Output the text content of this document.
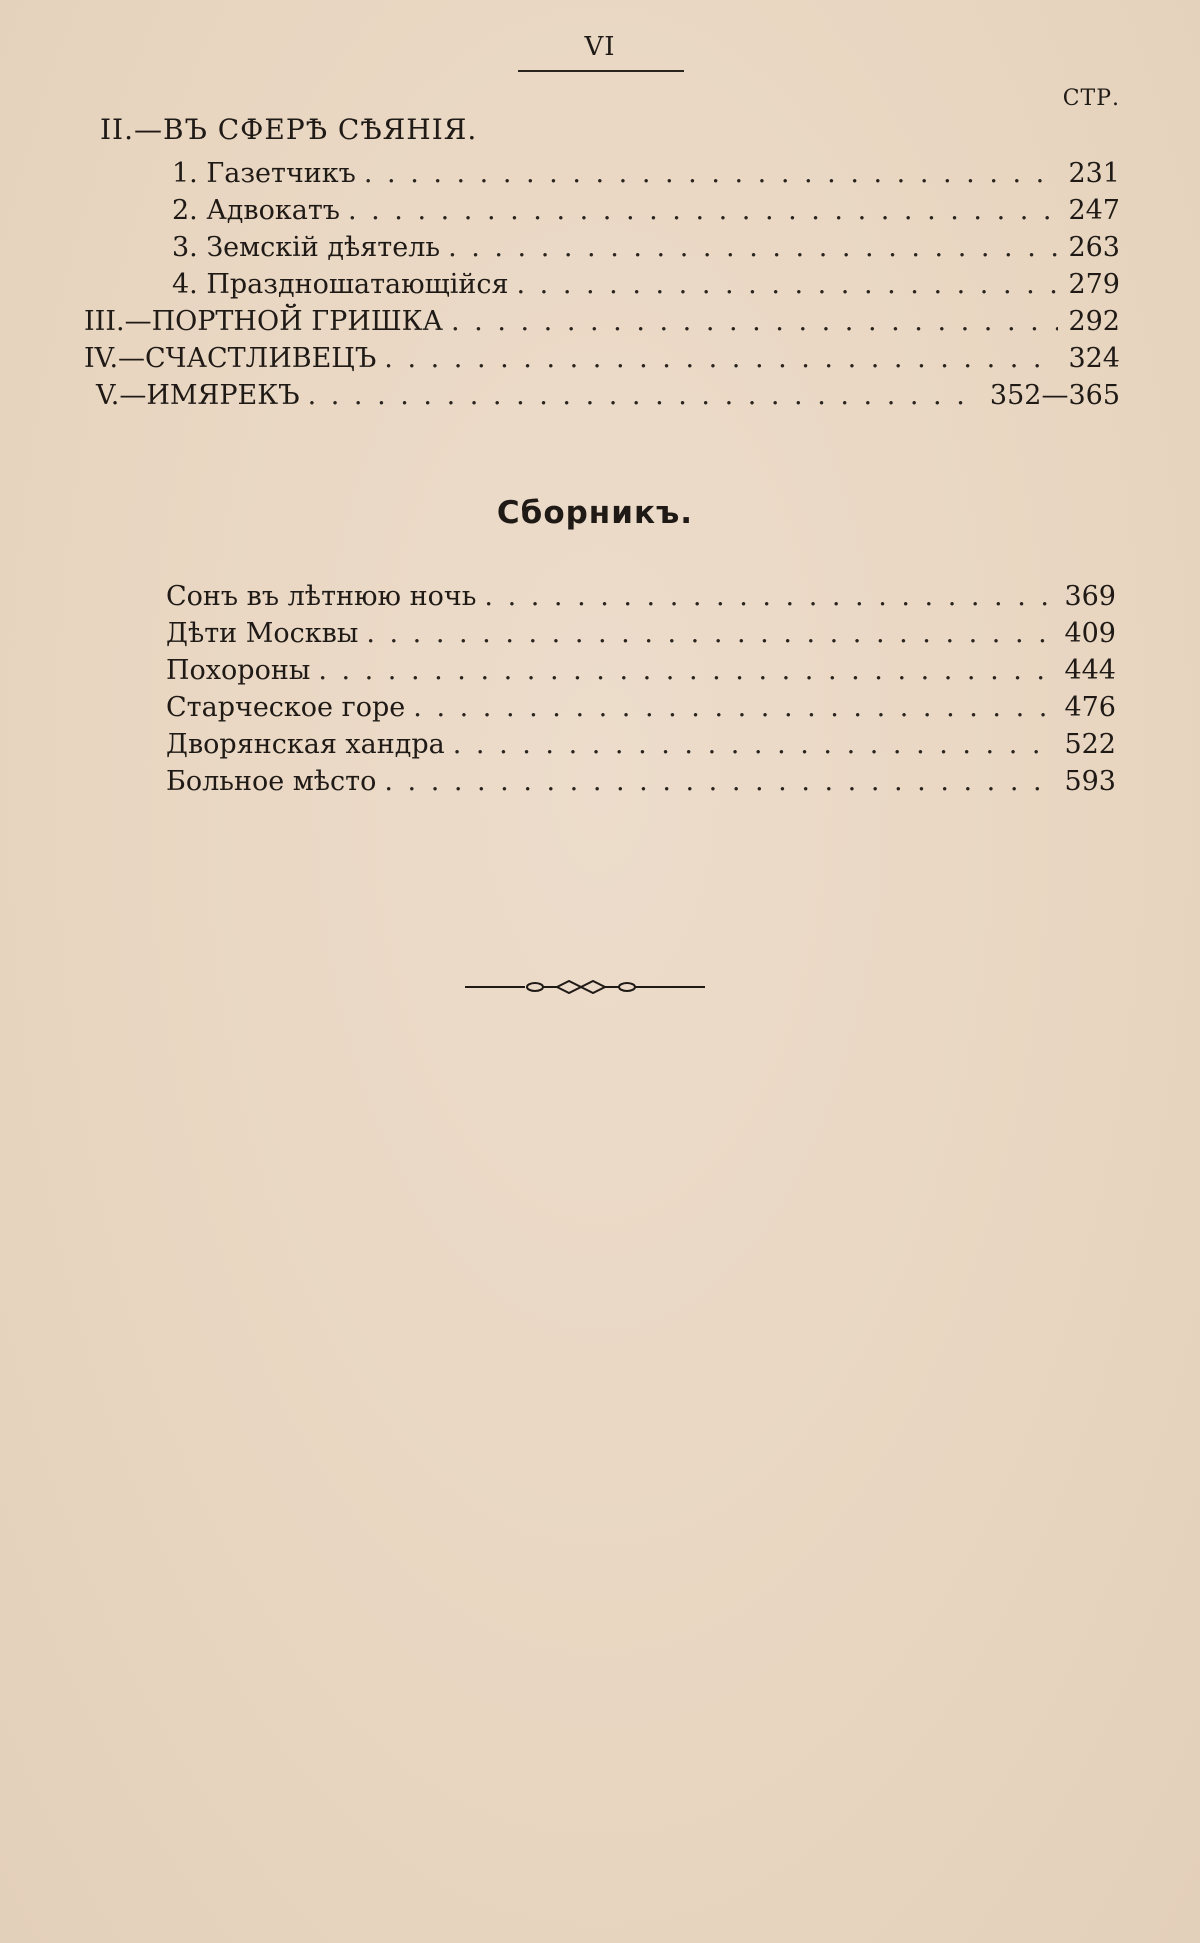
VI
СТР.
II.—ВЪ СФЕРѢ СѢЯНІЯ.
1. Газетчикъ . . .	231
2. Адвокатъ . . .	247
3. Земскій дѣятель . . .	263
4. Праздношатающійся . . .	279
III.—ПОРТНОЙ ГРИШКА . . .	292
IV.—СЧАСТЛИВЕЦЪ . . .	324
V.—ИМЯРЕКЪ . . .	352—365
Сборникъ.
Сонъ въ лѣтнюю ночь . . .	369
Дѣти Москвы . . .	409
Похороны . . .	444
Старческое горе . . .	476
Дворянская хандра . . .	522
Больное мѣсто . . .	593
